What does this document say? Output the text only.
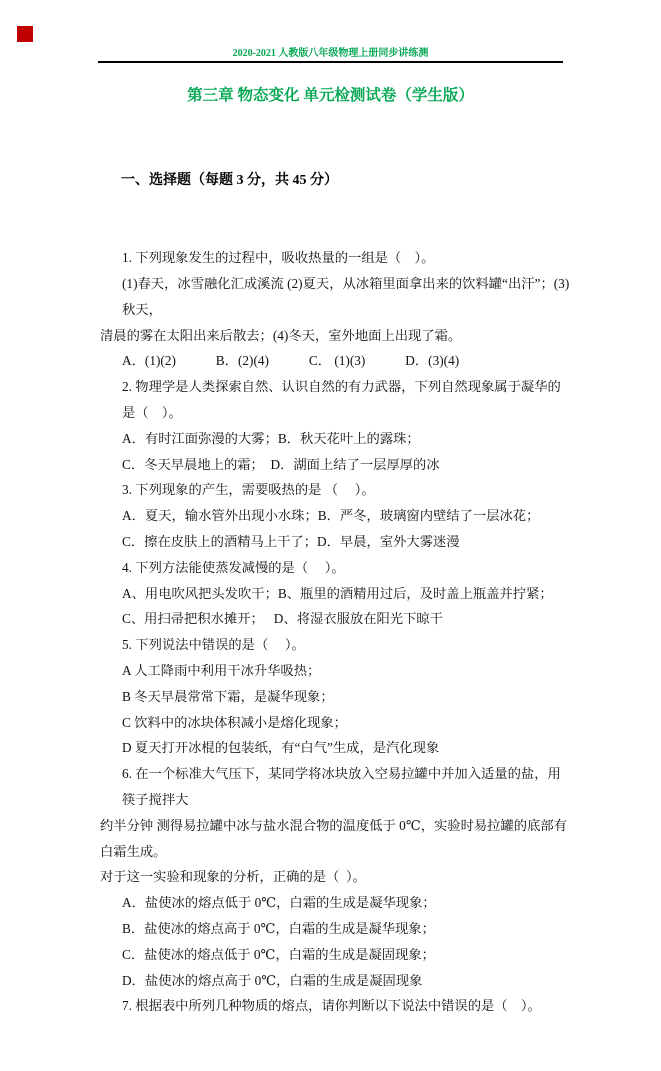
2020-2021 人教版八年级物理上册同步讲练测
第三章 物态变化 单元检测试卷（学生版）

一、选择题（每题 3 分，共 45 分）

1. 下列现象发生的过程中，吸收热量的一组是（    ）。
(1)春天，冰雪融化汇成溪流 (2)夏天，从冰箱里面拿出来的饮料罐“出汗”；(3)秋天，
清晨的雾在太阳出来后散去；(4)冬天，室外地面上出现了霜。
A．(1)(2)　　　B．(2)(4)　　　C． (1)(3)　　　D．(3)(4)
2. 物理学是人类探索自然、认识自然的有力武器，下列自然现象属于凝华的是（    ）。
A．有时江面弥漫的大雾；B．秋天花叶上的露珠；
C．冬天早晨地上的霜；　D．湖面上结了一层厚厚的冰
3. 下列现象的产生，需要吸热的是 （     ）。
A．夏天，输水管外出现小水珠；B．严冬，玻璃窗内壁结了一层冰花；
C．擦在皮肤上的酒精马上干了；D．早晨，室外大雾迷漫
4. 下列方法能使蒸发减慢的是（     ）。
A、用电吹风把头发吹干；B、瓶里的酒精用过后，及时盖上瓶盖并拧紧；
C、用扫帚把积水摊开；　 D、将湿衣服放在阳光下晾干
5. 下列说法中错误的是（     ）。
A 人工降雨中利用干冰升华吸热；
B 冬天早晨常常下霜，是凝华现象；
C 饮料中的冰块体积减小是熔化现象；
D 夏天打开冰棍的包装纸，有“白气”生成，是汽化现象
6. 在一个标准大气压下，某同学将冰块放入空易拉罐中并加入适量的盐，用筷子搅拌大
约半分钟 测得易拉罐中冰与盐水混合物的温度低于 0℃，实验时易拉罐的底部有白霜生成。
对于这一实验和现象的分析，正确的是（  ）。
A．盐使冰的熔点低于 0℃，白霜的生成是凝华现象；
B．盐使冰的熔点高于 0℃，白霜的生成是凝华现象；
C．盐使冰的熔点低于 0℃，白霜的生成是凝固现象；
D．盐使冰的熔点高于 0℃，白霜的生成是凝固现象
7. 根据表中所列几种物质的熔点，请你判断以下说法中错误的是（    ）。
